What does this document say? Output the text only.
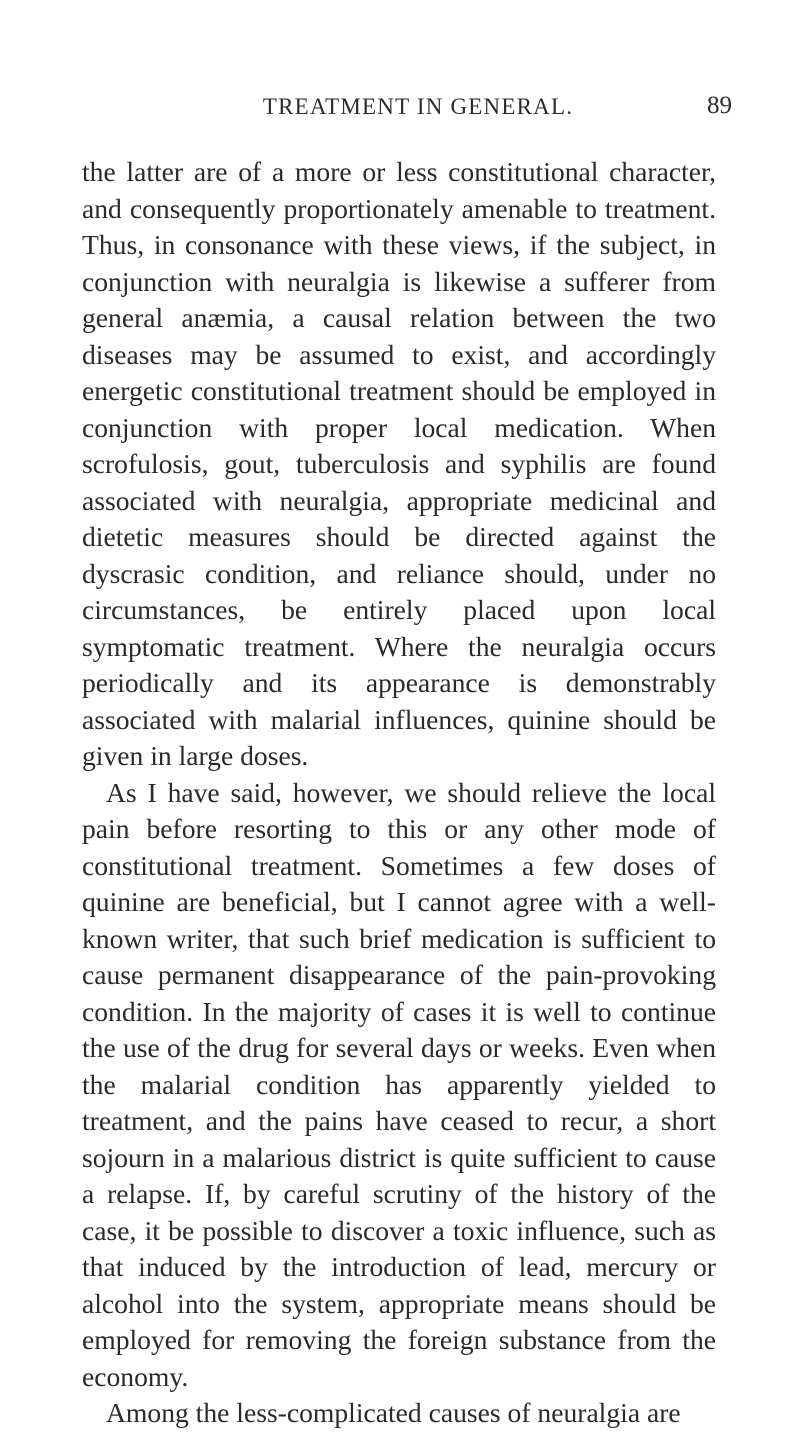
TREATMENT IN GENERAL.	89

the latter are of a more or less constitutional character, and consequently proportionately amenable to treatment. Thus, in consonance with these views, if the subject, in conjunction with neuralgia is likewise a sufferer from general anæmia, a causal relation between the two diseases may be assumed to exist, and accordingly energetic constitutional treatment should be employed in conjunction with proper local medication. When scrofulosis, gout, tuberculosis and syphilis are found associated with neuralgia, appropriate medicinal and dietetic measures should be directed against the dyscrasic condition, and reliance should, under no circumstances, be entirely placed upon local symptomatic treatment. Where the neuralgia occurs periodically and its appearance is demonstrably associated with malarial influences, quinine should be given in large doses.

As I have said, however, we should relieve the local pain before resorting to this or any other mode of constitutional treatment. Sometimes a few doses of quinine are beneficial, but I cannot agree with a well-known writer, that such brief medication is sufficient to cause permanent disappearance of the pain-provoking condition. In the majority of cases it is well to continue the use of the drug for several days or weeks. Even when the malarial condition has apparently yielded to treatment, and the pains have ceased to recur, a short sojourn in a malarious district is quite sufficient to cause a relapse. If, by careful scrutiny of the history of the case, it be possible to discover a toxic influence, such as that induced by the introduction of lead, mercury or alcohol into the system, appropriate means should be employed for removing the foreign substance from the economy.

Among the less-complicated causes of neuralgia are
